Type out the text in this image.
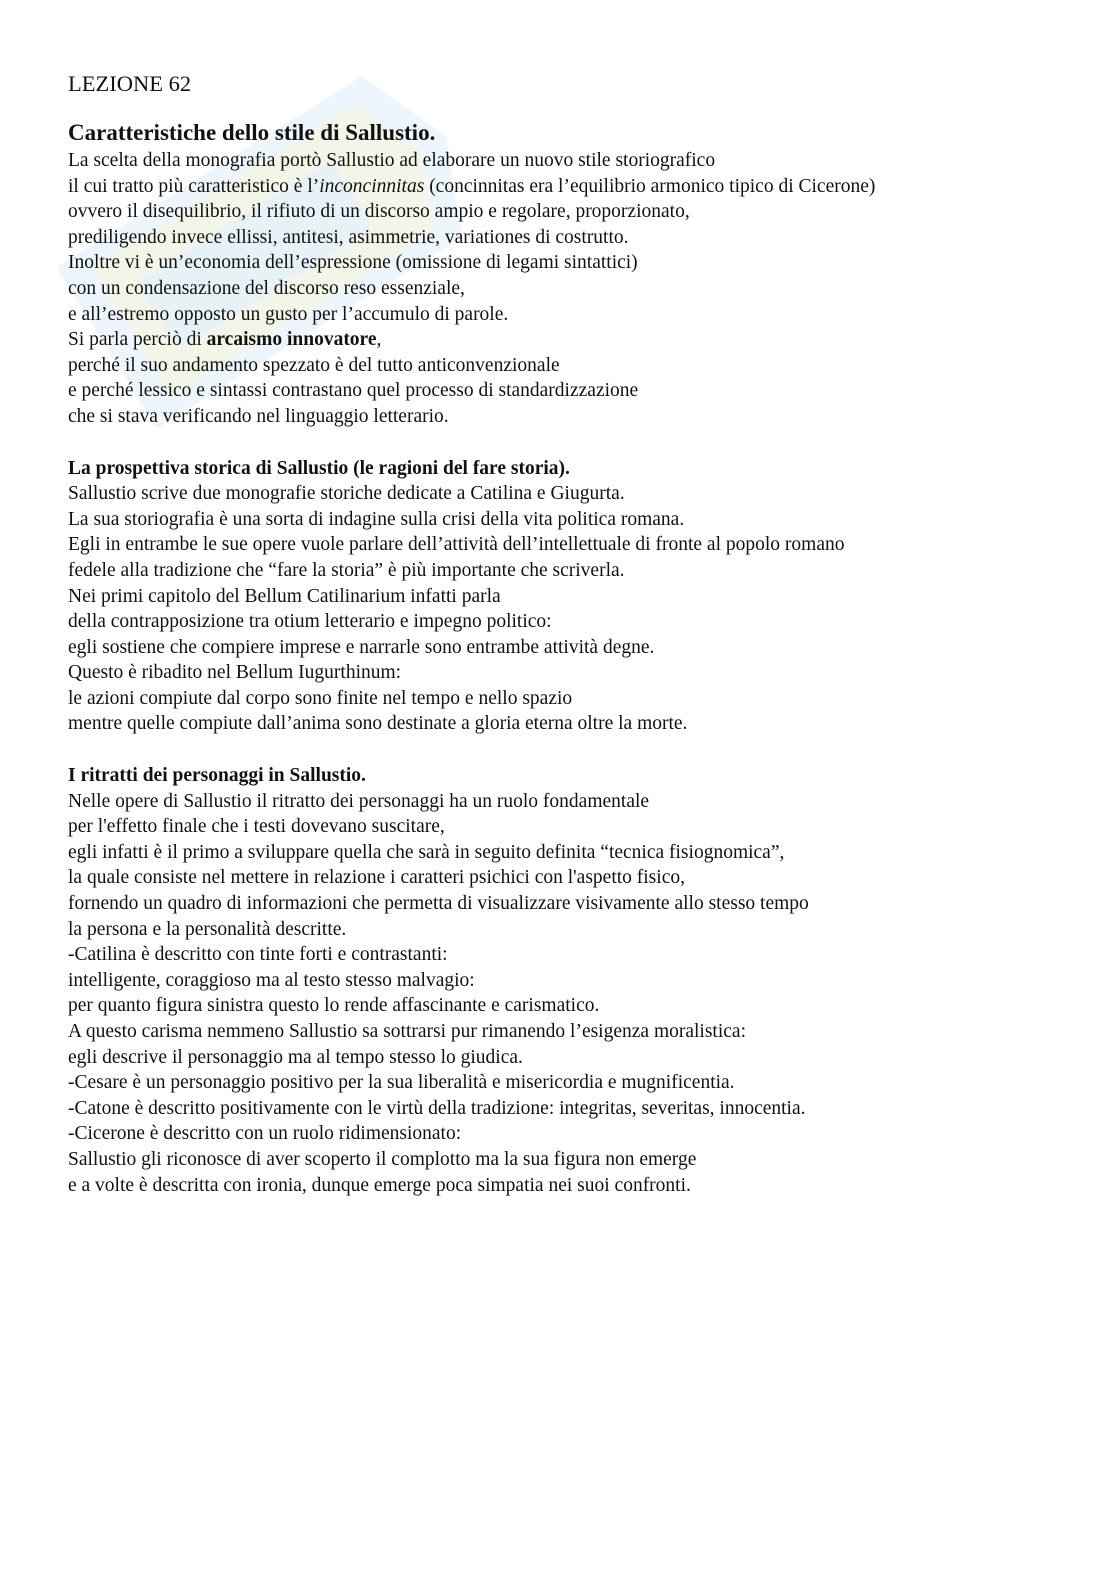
LEZIONE 62
Caratteristiche dello stile di Sallustio.
La scelta della monografia portò Sallustio ad elaborare un nuovo stile storiografico
il cui tratto più caratteristico è l’inconcinnitas (concinnitas era l’equilibrio armonico tipico di Cicerone)
ovvero il disequilibrio, il rifiuto di un discorso ampio e regolare, proporzionato,
prediligendo invece ellissi, antitesi, asimmetrie, variationes di costrutto.
Inoltre vi è un’economia dell’espressione (omissione di legami sintattici)
con un condensazione del discorso reso essenziale,
e all’estremo opposto un gusto per l’accumulo di parole.
Si parla perciò di arcaismo innovatore,
perché il suo andamento spezzato è del tutto anticonvenzionale
e perché lessico e sintassi contrastano quel processo di standardizzazione
che si stava verificando nel linguaggio letterario.
La prospettiva storica di Sallustio (le ragioni del fare storia).
Sallustio scrive due monografie storiche dedicate a Catilina e Giugurta.
La sua storiografia è una sorta di indagine sulla crisi della vita politica romana.
Egli in entrambe le sue opere vuole parlare dell’attività dell’intellettuale di fronte al popolo romano
fedele alla tradizione che “fare la storia” è più importante che scriverla.
Nei primi capitolo del Bellum Catilinarium infatti parla
della contrapposizione tra otium letterario e impegno politico:
egli sostiene che compiere imprese e narrarle sono entrambe attività degne.
Questo è ribadito nel Bellum Iugurthinum:
le azioni compiute dal corpo sono finite nel tempo e nello spazio
mentre quelle compiute dall’anima sono destinate a gloria eterna oltre la morte.
I ritratti dei personaggi in Sallustio.
Nelle opere di Sallustio il ritratto dei personaggi ha un ruolo fondamentale
per l'effetto finale che i testi dovevano suscitare,
egli infatti è il primo a sviluppare quella che sarà in seguito definita “tecnica fisiognomica”,
la quale consiste nel mettere in relazione i caratteri psichici con l'aspetto fisico,
fornendo un quadro di informazioni che permetta di visualizzare visivamente allo stesso tempo
la persona e la personalità descritte.
-Catilina è descritto con tinte forti e contrastanti:
intelligente, coraggioso ma al testo stesso malvagio:
per quanto figura sinistra questo lo rende affascinante e carismatico.
A questo carisma nemmeno Sallustio sa sottrarsi pur rimanendo l’esigenza moralistica:
egli descrive il personaggio ma al tempo stesso lo giudica.
-Cesare è un personaggio positivo per la sua liberalità e misericordia e mugnificentia.
-Catone è descritto positivamente con le virtù della tradizione: integritas, severitas, innocentia.
-Cicerone è descritto con un ruolo ridimensionato:
Sallustio gli riconosce di aver scoperto il complotto ma la sua figura non emerge
e a volte è descritta con ironia, dunque emerge poca simpatia nei suoi confronti.
